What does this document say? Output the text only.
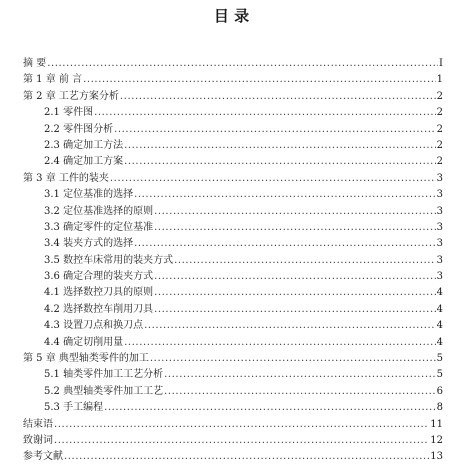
目 录
摘 要 .....	I
第 1 章 前 言 .....	1
第 2 章 工艺方案分析 .....	2
2.1 零件图 .....	2
2.2 零件图分析 .....	2
2.3 确定加工方法 .....	2
2.4 确定加工方案 .....	2
第 3 章 工件的装夹 .....	3
3.1 定位基准的选择 .....	3
3.2 定位基准选择的原则 .....	3
3.3 确定零件的定位基准 .....	3
3.4 装夹方式的选择 .....	3
3.5 数控车床常用的装夹方式 .....	3
3.6 确定合理的装夹方式 .....	3
4.1 选择数控刀具的原则 .....	4
4.2 选择数控车削用刀具 .....	4
4.3 设置刀点和换刀点 .....	4
4.4 确定切削用量 .....	4
第 5 章 典型轴类零件的加工 .....	5
5.1 轴类零件加工工艺分析 .....	5
5.2 典型轴类零件加工工艺 .....	6
5.3 手工编程 .....	8
结束语 .....	11
致谢词 .....	12
参考文献 .....	13
